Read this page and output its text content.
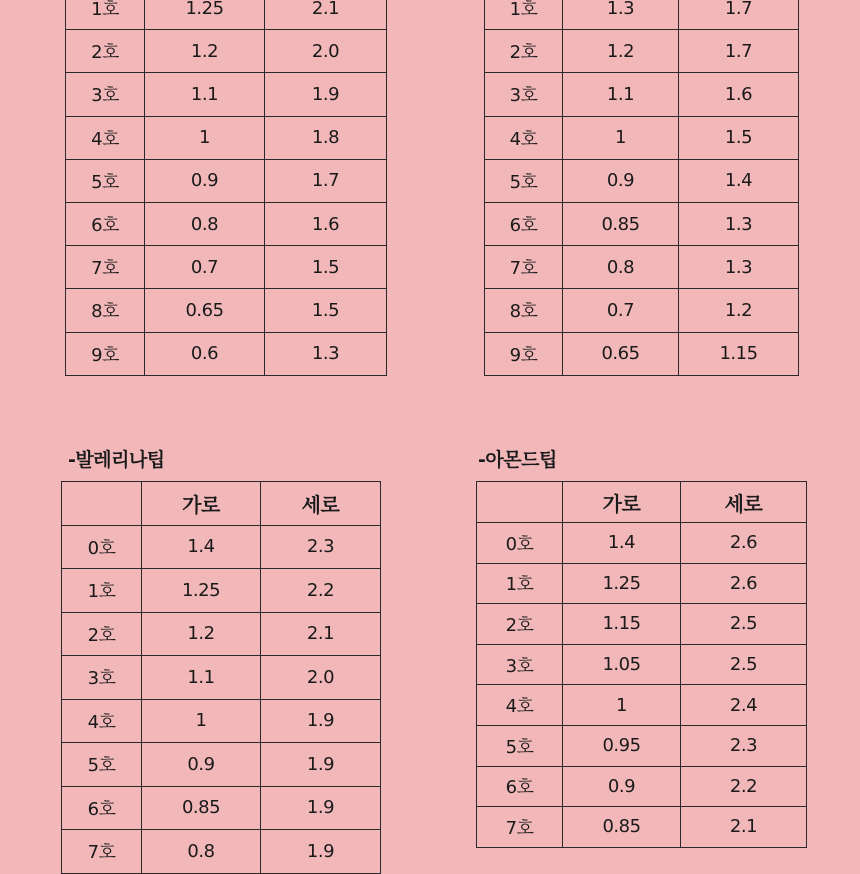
1호	1.25	2.1
2호	1.2	2.0
3호	1.1	1.9
4호	1	1.8
5호	0.9	1.7
6호	0.8	1.6
7호	0.7	1.5
8호	0.65	1.5
9호	0.6	1.3
1호	1.3	1.7
2호	1.2	1.7
3호	1.1	1.6
4호	1	1.5
5호	0.9	1.4
6호	0.85	1.3
7호	0.8	1.3
8호	0.7	1.2
9호	0.65	1.15
-발레리나팁
	가로	세로
0호	1.4	2.3
1호	1.25	2.2
2호	1.2	2.1
3호	1.1	2.0
4호	1	1.9
5호	0.9	1.9
6호	0.85	1.9
7호	0.8	1.9
-아몬드팁
	가로	세로
0호	1.4	2.6
1호	1.25	2.6
2호	1.15	2.5
3호	1.05	2.5
4호	1	2.4
5호	0.95	2.3
6호	0.9	2.2
7호	0.85	2.1
